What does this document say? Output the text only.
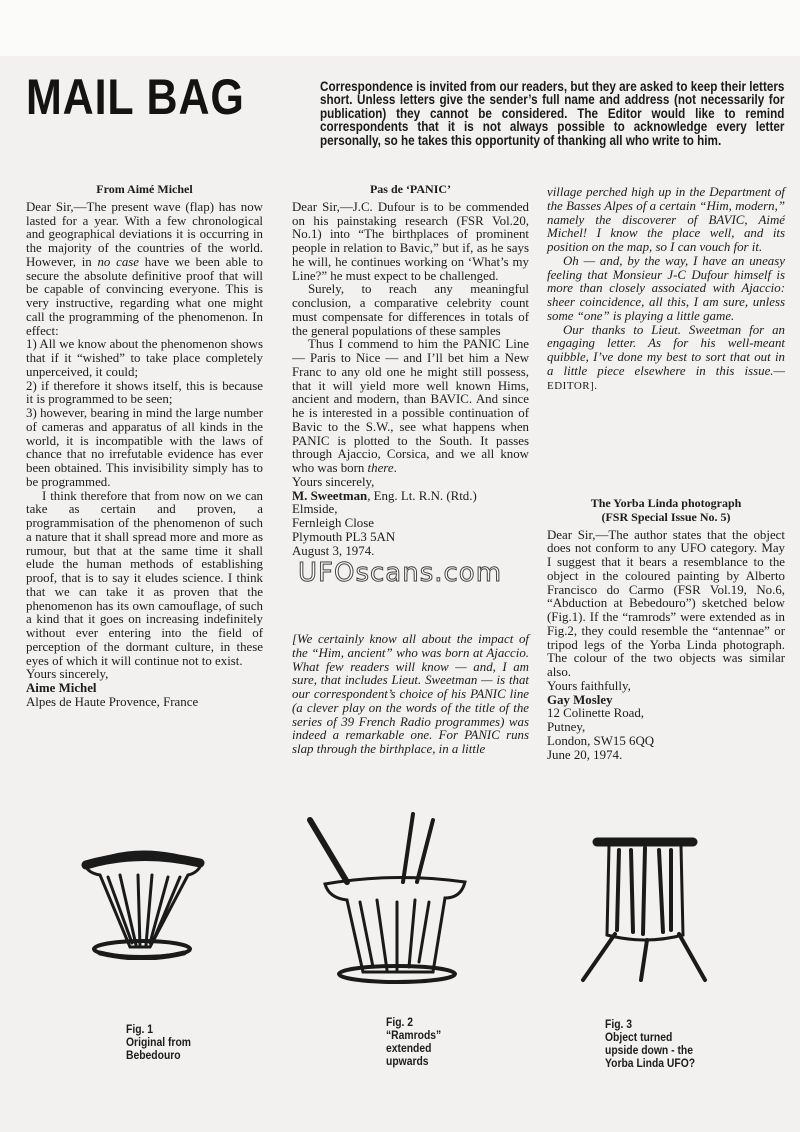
MAIL BAG	Correspondence is invited from our readers, but they are asked to keep their letters short. Unless letters give the sender’s full name and address (not necessarily for publication) they cannot be considered. The Editor would like to remind correspondents that it is not always possible to acknowledge every letter personally, so he takes this opportunity of thanking all who write to him.
From Aimé Michel

Dear Sir,—The present wave (flap) has now lasted for a year. With a few chronological and geographical deviations it is occurring in the majority of the countries of the world. However, in no case have we been able to secure the absolute definitive proof that will be capable of convincing everyone. This is very instructive, regarding what one might call the programming of the phenomenon. In effect:

1) All we know about the phenomenon shows that if it “wished” to take place completely unperceived, it could;

2) if therefore it shows itself, this is because it is programmed to be seen;

3) however, bearing in mind the large number of cameras and apparatus of all kinds in the world, it is incompatible with the laws of chance that no irrefutable evidence has ever been obtained. This invisibility simply has to be programmed.

I think therefore that from now on we can take as certain and proven, a programmisation of the phenomenon of such a nature that it shall spread more and more as rumour, but that at the same time it shall elude the human methods of establishing proof, that is to say it eludes science. I think that we can take it as proven that the phenomenon has its own camouflage, of such a kind that it goes on increasing indefinitely without ever entering into the field of perception of the dormant culture, in these eyes of which it will continue not to exist.

Yours sincerely,

Aime Michel

Alpes de Haute Provence, France

Pas de ‘PANIC’

Dear Sir,—J.C. Dufour is to be commended on his painstaking research (FSR Vol.20, No.1) into “The birthplaces of prominent people in relation to Bavic,” but if, as he says he will, he continues working on ‘What’s my Line?” he must expect to be challenged.

Surely, to reach any meaningful conclusion, a comparative celebrity count must compensate for differences in totals of the general populations of these samples

Thus I commend to him the PANIC Line — Paris to Nice — and I’ll bet him a New Franc to any old one he might still possess, that it will yield more well known Hims, ancient and modern, than BAVIC. And since he is interested in a possible continuation of Bavic to the S.W., see what happens when PANIC is plotted to the South. It passes through Ajaccio, Corsica, and we all know who was born there.

Yours sincerely,

M. Sweetman, Eng. Lt. R.N. (Rtd.)

Elmside,

Fernleigh Close

Plymouth PL3 5AN

August 3, 1974.

UFOscans.com

[We certainly know all about the impact of the “Him, ancient” who was born at Ajaccio. What few readers will know — and, I am sure, that includes Lieut. Sweetman — is that our correspondent’s choice of his PANIC line (a clever play on the words of the title of the series of 39 French Radio programmes) was indeed a remarkable one. For PANIC runs slap through the birthplace, in a little

village perched high up in the Department of the Basses Alpes of a certain “Him, modern,” namely the discoverer of BAVIC, Aimé Michel! I know the place well, and its position on the map, so I can vouch for it.

Oh — and, by the way, I have an uneasy feeling that Monsieur J-C Dufour himself is more than closely associated with Ajaccio: sheer coincidence, all this, I am sure, unless some “one” is playing a little game.

Our thanks to Lieut. Sweetman for an engaging letter. As for his well-meant quibble, I’ve done my best to sort that out in a little piece elsewhere in this issue.—EDITOR].

The Yorba Linda photograph
(FSR Special Issue No. 5)

Dear Sir,—The author states that the object does not conform to any UFO category. May I suggest that it bears a resemblance to the object in the coloured painting by Alberto Francisco do Carmo (FSR Vol.19, No.6, “Abduction at Bebedouro”) sketched below (Fig.1). If the “ramrods” were extended as in Fig.2, they could resemble the “antennae” or tripod legs of the Yorba Linda photograph. The colour of the two objects was similar also.

Yours faithfully,

Gay Mosley

12 Colinette Road,

Putney,

London, SW15 6QQ

June 20, 1974.

Fig. 1
Original from
Bebedouro
Fig. 2
“Ramrods”
extended
upwards
Fig. 3
Object turned
upside down - the
Yorba Linda UFO?
